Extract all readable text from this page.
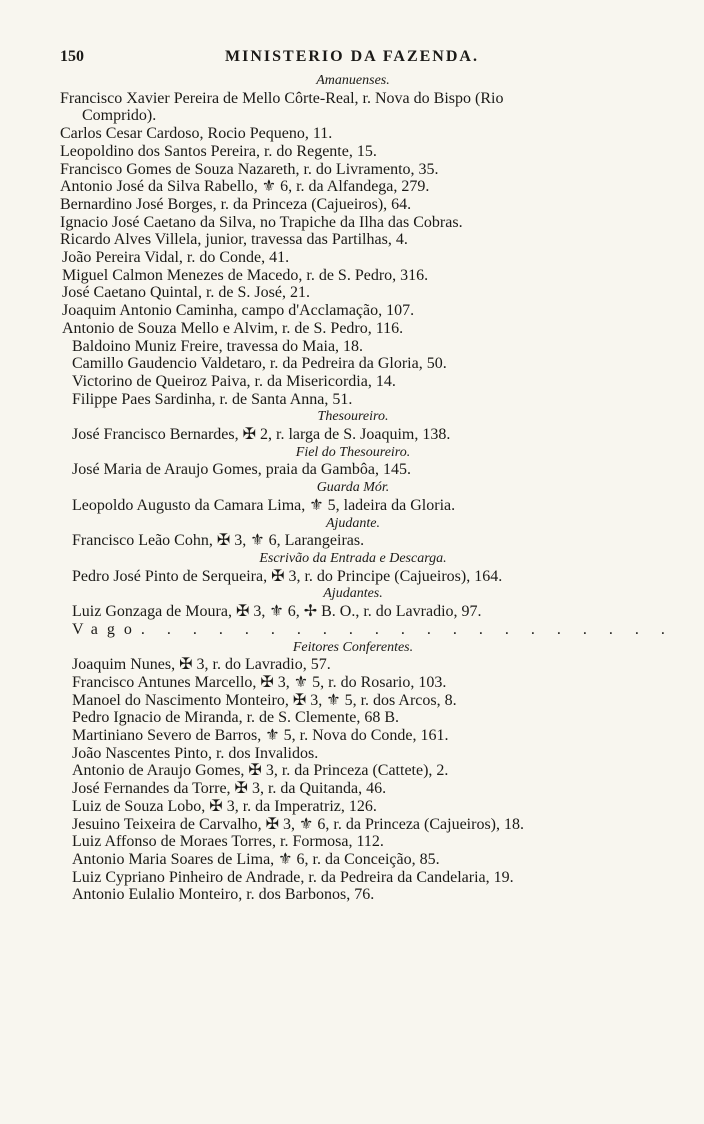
MINISTERIO DA FAZENDA.
150
Amanuenses.
Francisco Xavier Pereira de Mello Côrte-Real, r. Nova do Bispo (Rio
Comprido).
Carlos Cesar Cardoso, Rocio Pequeno, 11.
Leopoldino dos Santos Pereira, r. do Regente, 15.
Francisco Gomes de Souza Nazareth, r. do Livramento, 35.
Antonio José da Silva Rabello, ⚜ 6, r. da Alfandega, 279.
Bernardino José Borges, r. da Princeza (Cajueiros), 64.
Ignacio José Caetano da Silva, no Trapiche da Ilha das Cobras.
Ricardo Alves Villela, junior, travessa das Partilhas, 4.
João Pereira Vidal, r. do Conde, 41.
Miguel Calmon Menezes de Macedo, r. de S. Pedro, 316.
José Caetano Quintal, r. de S. José, 21.
Joaquim Antonio Caminha, campo d'Acclamação, 107.
Antonio de Souza Mello e Alvim, r. de S. Pedro, 116.
Baldoino Muniz Freire, travessa do Maia, 18.
Camillo Gaudencio Valdetaro, r. da Pedreira da Gloria, 50.
Victorino de Queiroz Paiva, r. da Misericordia, 14.
Filippe Paes Sardinha, r. de Santa Anna, 51.
Thesoureiro.
José Francisco Bernardes, ✠ 2, r. larga de S. Joaquim, 138.
Fiel do Thesoureiro.
José Maria de Araujo Gomes, praia da Gambôa, 145.
Guarda Mór.
Leopoldo Augusto da Camara Lima, ⚜ 5, ladeira da Gloria.
Ajudante.
Francisco Leão Cohn, ✠ 3, ⚜ 6, Larangeiras.
Escrivão da Entrada e Descarga.
Pedro José Pinto de Serqueira, ✠ 3, r. do Principe (Cajueiros), 164.
Ajudantes.
Luiz Gonzaga de Moura, ✠ 3, ⚜ 6, ✢ B. O., r. do Lavradio, 97.
Vago. . . . . . . . . . . . . . . . . . . . .
Feitores Conferentes.
Joaquim Nunes, ✠ 3, r. do Lavradio, 57.
Francisco Antunes Marcello, ✠ 3, ⚜ 5, r. do Rosario, 103.
Manoel do Nascimento Monteiro, ✠ 3, ⚜ 5, r. dos Arcos, 8.
Pedro Ignacio de Miranda, r. de S. Clemente, 68 B.
Martiniano Severo de Barros, ⚜ 5, r. Nova do Conde, 161.
João Nascentes Pinto, r. dos Invalidos.
Antonio de Araujo Gomes, ✠ 3, r. da Princeza (Cattete), 2.
José Fernandes da Torre, ✠ 3, r. da Quitanda, 46.
Luiz de Souza Lobo, ✠ 3, r. da Imperatriz, 126.
Jesuino Teixeira de Carvalho, ✠ 3, ⚜ 6, r. da Princeza (Cajueiros), 18.
Luiz Affonso de Moraes Torres, r. Formosa, 112.
Antonio Maria Soares de Lima, ⚜ 6, r. da Conceição, 85.
Luiz Cypriano Pinheiro de Andrade, r. da Pedreira da Candelaria, 19.
Antonio Eulalio Monteiro, r. dos Barbonos, 76.
